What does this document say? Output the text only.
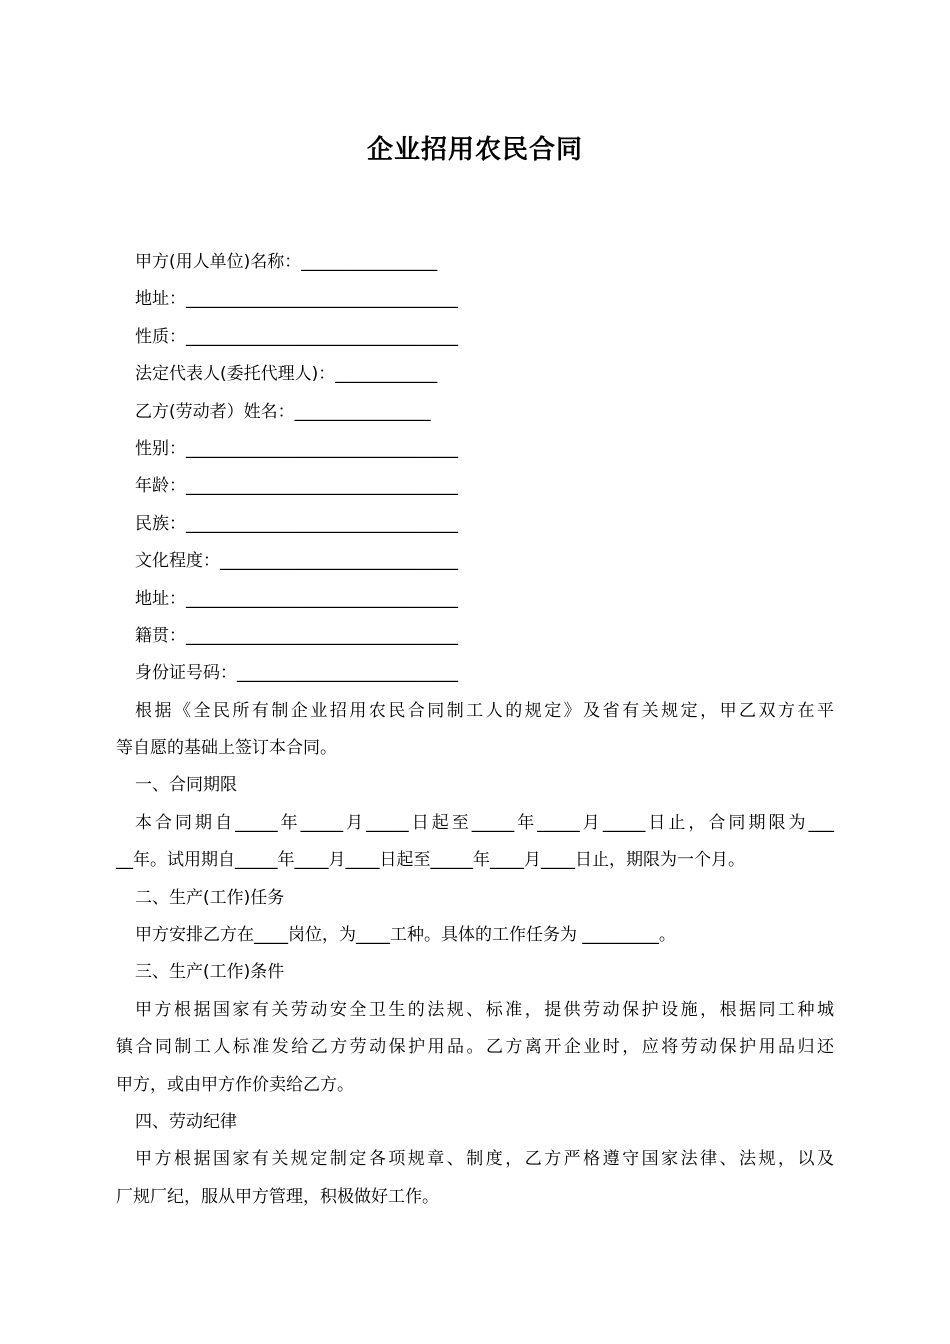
企业招用农民合同

甲方(用人单位)名称：________________

地址：________________________________

性质：________________________________

法定代表人(委托代理人)：____________

乙方(劳动者）姓名：________________

性别：________________________________

年龄：________________________________

民族：________________________________

文化程度：____________________________

地址：________________________________

籍贯：________________________________

身份证号码：__________________________

根据《全民所有制企业招用农民合同制工人的规定》及省有关规定，甲乙双方在平

等自愿的基础上签订本合同。

一、合同期限

本合同期自_____年_____月_____日起至_____年_____月_____日止，合同期限为___

__年。试用期自_____年____月____日起至_____年____月____日止，期限为一个月。

二、生产(工作)任务

甲方安排乙方在____岗位，为____工种。具体的工作任务为 _________。

三、生产(工作)条件

甲方根据国家有关劳动安全卫生的法规、标准，提供劳动保护设施，根据同工种城

镇合同制工人标准发给乙方劳动保护用品。乙方离开企业时，应将劳动保护用品归还

甲方，或由甲方作价卖给乙方。

四、劳动纪律

甲方根据国家有关规定制定各项规章、制度，乙方严格遵守国家法律、法规，以及

厂规厂纪，服从甲方管理，积极做好工作。
